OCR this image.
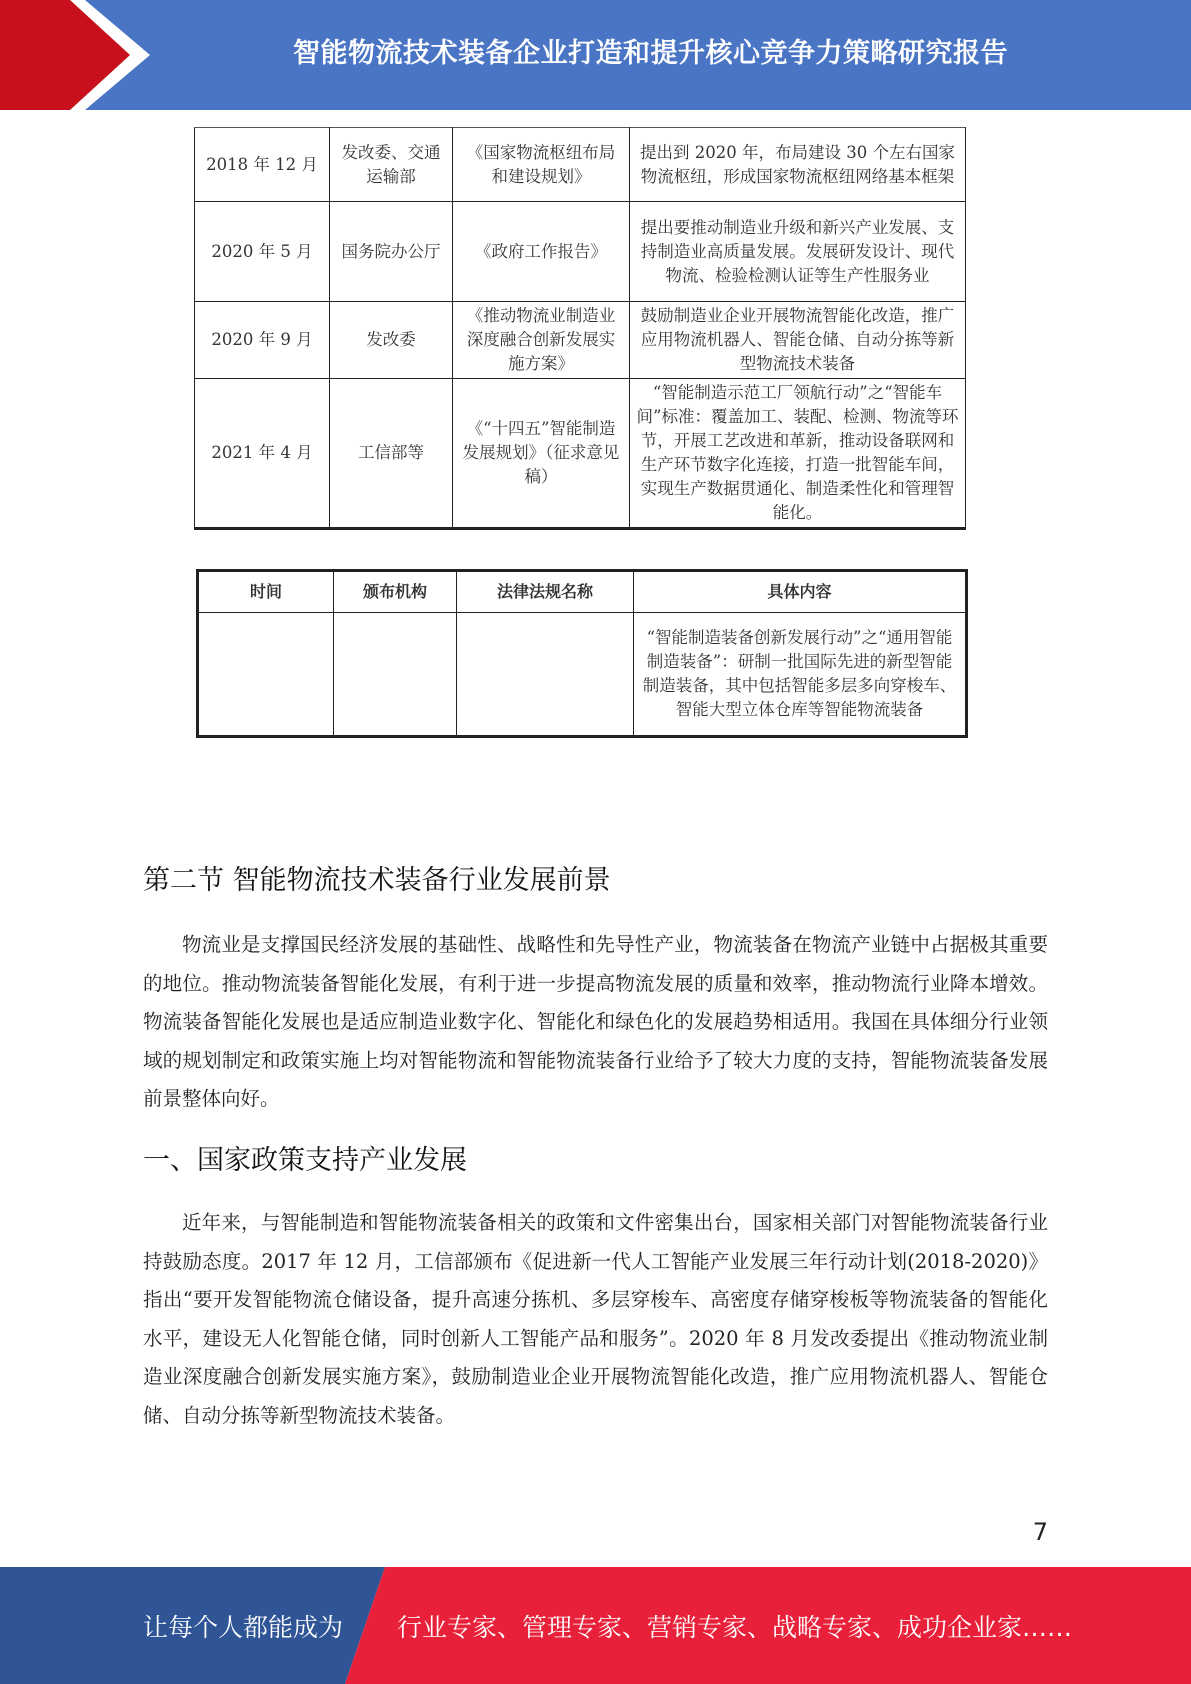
智能物流技术装备企业打造和提升核心竞争力策略研究报告
2018 年 12 月	发改委、交通运输部	《国家物流枢纽布局和建设规划》	提出到 2020 年，布局建设 30 个左右国家物流枢纽，形成国家物流枢纽网络基本框架
2020 年 5 月	国务院办公厅	《政府工作报告》	提出要推动制造业升级和新兴产业发展、支持制造业高质量发展。发展研发设计、现代物流、检验检测认证等生产性服务业
2020 年 9 月	发改委	《推动物流业制造业深度融合创新发展实施方案》	鼓励制造业企业开展物流智能化改造，推广应用物流机器人、智能仓储、自动分拣等新型物流技术装备
2021 年 4 月	工信部等	《“十四五”智能制造发展规划》（征求意见稿）	“智能制造示范工厂领航行动”之“智能车间”标准：覆盖加工、装配、检测、物流等环节，开展工艺改进和革新，推动设备联网和生产环节数字化连接，打造一批智能车间，实现生产数据贯通化、制造柔性化和管理智能化。
时间	颁布机构	法律法规名称	具体内容
			“智能制造装备创新发展行动”之“通用智能制造装备”：研制一批国际先进的新型智能制造装备，其中包括智能多层多向穿梭车、智能大型立体仓库等智能物流装备
第二节 智能物流技术装备行业发展前景

物流业是支撑国民经济发展的基础性、战略性和先导性产业，物流装备在物流产业链中占据极其重要的地位。推动物流装备智能化发展，有利于进一步提高物流发展的质量和效率，推动物流行业降本增效。物流装备智能化发展也是适应制造业数字化、智能化和绿色化的发展趋势相适用。我国在具体细分行业领域的规划制定和政策实施上均对智能物流和智能物流装备行业给予了较大力度的支持，智能物流装备发展前景整体向好。

一、国家政策支持产业发展

近年来，与智能制造和智能物流装备相关的政策和文件密集出台，国家相关部门对智能物流装备行业持鼓励态度。2017 年 12 月，工信部颁布《促进新一代人工智能产业发展三年行动计划(2018-2020)》指出“要开发智能物流仓储设备，提升高速分拣机、多层穿梭车、高密度存储穿梭板等物流装备的智能化水平，建设无人化智能仓储，同时创新人工智能产品和服务”。2020 年 8 月发改委提出《推动物流业制造业深度融合创新发展实施方案》，鼓励制造业企业开展物流智能化改造，推广应用物流机器人、智能仓储、自动分拣等新型物流技术装备。

7
让每个人都能成为 行业专家、管理专家、营销专家、战略专家、成功企业家……
